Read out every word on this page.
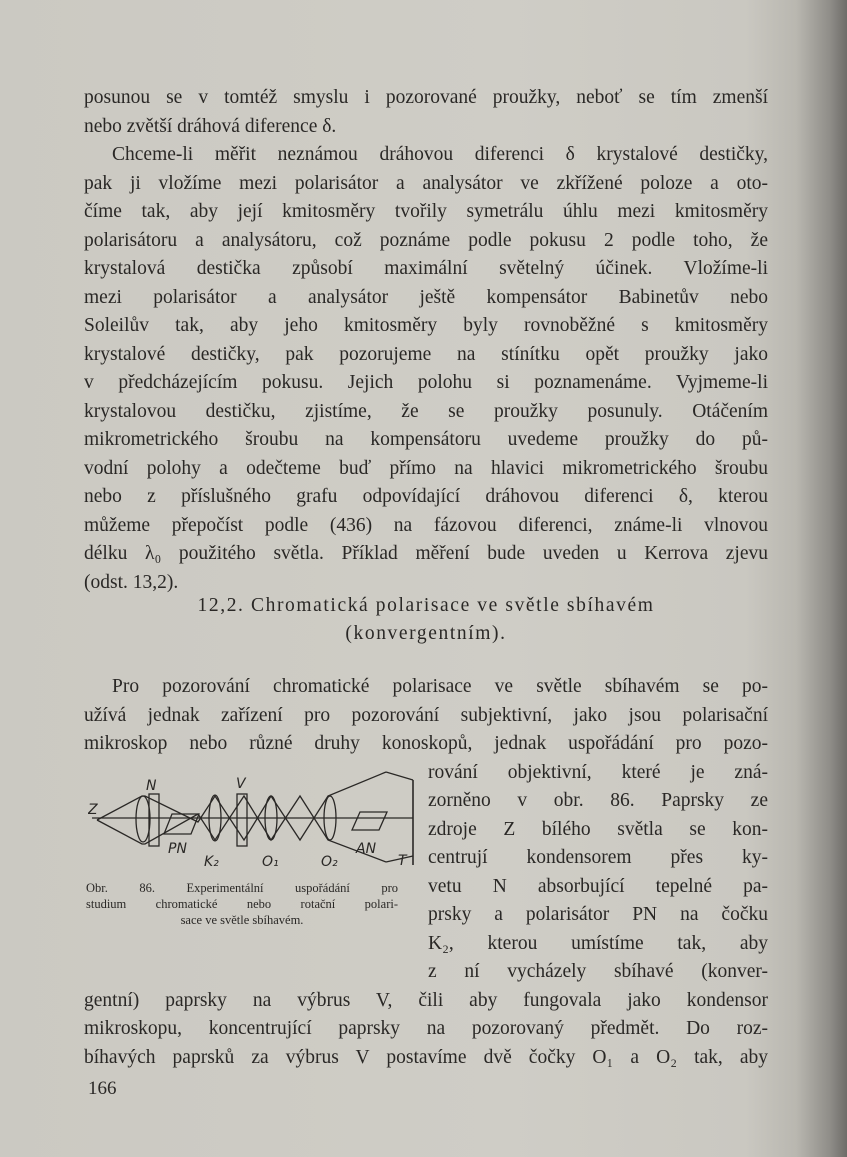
posunou se v tomtéž smyslu i pozorované proužky, neboť se tím zmenší
nebo zvětší dráhová diference δ.
Chceme-li měřit neznámou dráhovou diferenci δ krystalové destičky,
pak ji vložíme mezi polarisátor a analysátor ve zkřížené poloze a oto-
číme tak, aby její kmitosměry tvořily symetrálu úhlu mezi kmitosměry
polarisátoru a analysátoru, což poznáme podle pokusu 2 podle toho, že
krystalová destička způsobí maximální světelný účinek. Vložíme-li
mezi polarisátor a analysátor ještě kompensátor Babinetův nebo
Soleilův tak, aby jeho kmitosměry byly rovnoběžné s kmitosměry
krystalové destičky, pak pozorujeme na stínítku opět proužky jako
v předcházejícím pokusu. Jejich polohu si poznamenáme. Vyjmeme-li
krystalovou destičku, zjistíme, že se proužky posunuly. Otáčením
mikrometrického šroubu na kompensátoru uvedeme proužky do pů-
vodní polohy a odečteme buď přímo na hlavici mikrometrického šroubu
nebo z příslušného grafu odpovídající dráhovou diferenci δ, kterou
můžeme přepočíst podle (436) na fázovou diferenci, známe-li vlnovou
délku λ₀ použitého světla. Příklad měření bude uveden u Kerrova zjevu
(odst. 13,2).
Pro pozorování chromatické polarisace ve světle sbíhavém se po-
užívá jednak zařízení pro pozorování subjektivní, jako jsou polarisační
mikroskop nebo různé druhy konoskopů, jednak uspořádání pro pozo-
rování objektivní, které je zná-
zorněno v obr. 86. Paprsky ze
zdroje Z bílého světla se kon-
centrují kondensorem přes ky-
vetu N absorbující tepelné pa-
prsky a polarisátor PN na čočku
K₂, kterou umístíme tak, aby
z ní vycházely sbíhavé (konver-
gentní) paprsky na výbrus V, čili aby fungovala jako kondensor
mikroskopu, koncentrující paprsky na pozorovaný předmět. Do roz-
bíhavých paprsků za výbrus V postavíme dvě čočky O₁ a O₂ tak, aby
12,2. Chromatická polarisace ve světle sbíhavém
(konvergentním).
Z
N
PN
V
K₂	O₁	O₂
AN
T
Obr. 86. Experimentální uspořádání pro
studium chromatické nebo rotační polari-
sace ve světle sbíhavém.
166
